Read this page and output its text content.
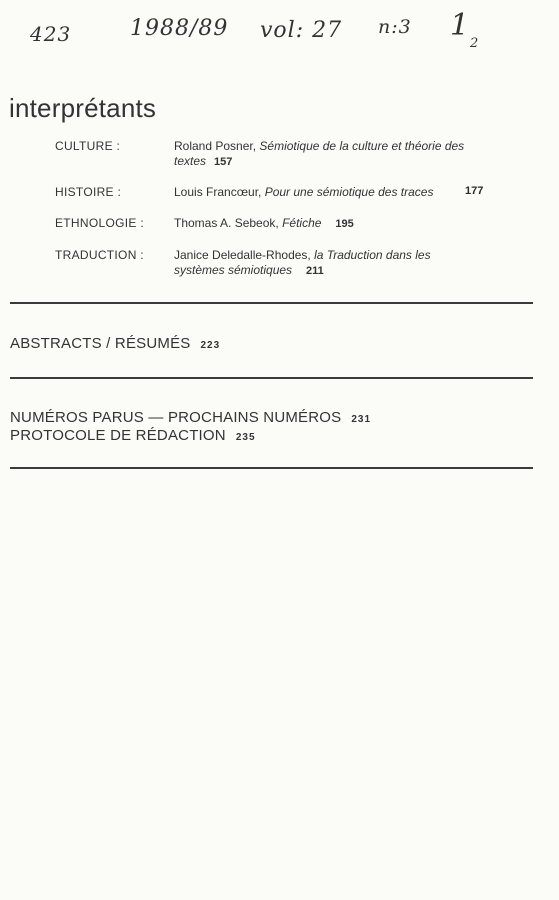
423	1988/89 vol: 27 n:3 1
2
interprétants
CULTURE :	Roland Posner, Sémiotique de la culture et théorie des textes 157
HISTOIRE :	Louis Francœur, Pour une sémiotique des traces	177
ETHNOLOGIE :	Thomas A. Sebeok, Fétiche 195
TRADUCTION :	Janice Deledalle-Rhodes, la Traduction dans les systèmes sémiotiques 211
ABSTRACTS / RÉSUMÉS 223
NUMÉROS PARUS — PROCHAINS NUMÉROS 231
PROTOCOLE DE RÉDACTION 235
